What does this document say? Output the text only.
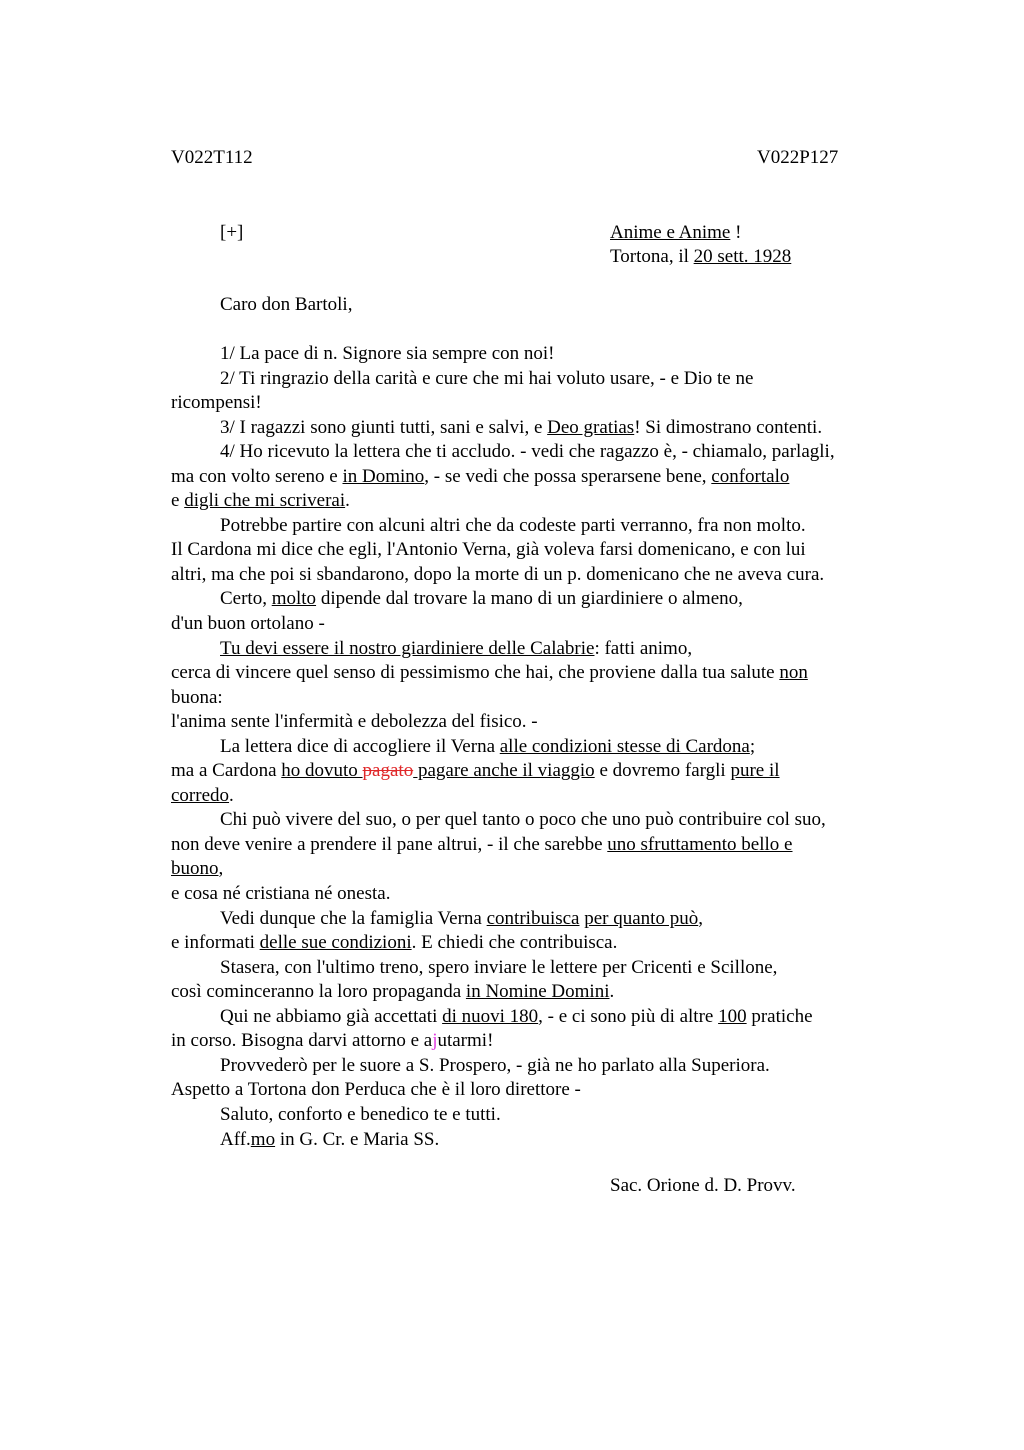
V022T112	V022P127
[+]	Anime e Anime !
Tortona, il 20 sett. 1928
Caro don Bartoli,
1/ La pace di n. Signore sia sempre con noi!
2/ Ti ringrazio della carità e cure che mi hai voluto usare, - e Dio te ne
ricompensi!
3/ I ragazzi sono giunti tutti, sani e salvi, e Deo gratias! Si dimostrano contenti.
4/ Ho ricevuto la lettera che ti accludo. - vedi che ragazzo è, - chiamalo, parlagli,
ma con volto sereno e in Domino, - se vedi che possa sperarsene bene, confortalo
e digli che mi scriverai.
Potrebbe partire con alcuni altri che da codeste parti verranno, fra non molto.
Il Cardona mi dice che egli, l'Antonio Verna, già voleva farsi domenicano, e con lui
altri, ma che poi si sbandarono, dopo la morte di un p. domenicano che ne aveva cura.
Certo, molto dipende dal trovare la mano di un giardiniere o almeno,
d'un buon ortolano -
Tu devi essere il nostro giardiniere delle Calabrie: fatti animo,
cerca di vincere quel senso di pessimismo che hai, che proviene dalla tua salute non
buona:
l'anima sente l'infermità e debolezza del fisico. -
La lettera dice di accogliere il Verna alle condizioni stesse di Cardona;
ma a Cardona ho dovuto pagato pagare anche il viaggio e dovremo fargli pure il
corredo.
Chi può vivere del suo, o per quel tanto o poco che uno può contribuire col suo,
non deve venire a prendere il pane altrui, - il che sarebbe uno sfruttamento bello e
buono,
e cosa né cristiana né onesta.
Vedi dunque che la famiglia Verna contribuisca per quanto può,
e informati delle sue condizioni. E chiedi che contribuisca.
Stasera, con l'ultimo treno, spero inviare le lettere per Cricenti e Scillone,
così cominceranno la loro propaganda in Nomine Domini.
Qui ne abbiamo già accettati di nuovi 180, - e ci sono più di altre 100 pratiche
in corso. Bisogna darvi attorno e ajutarmi!
Provvederò per le suore a S. Prospero, - già ne ho parlato alla Superiora.
Aspetto a Tortona don Perduca che è il loro direttore -
Saluto, conforto e benedico te e tutti.
Aff.mo in G. Cr. e Maria SS.
Sac. Orione d. D. Provv.
